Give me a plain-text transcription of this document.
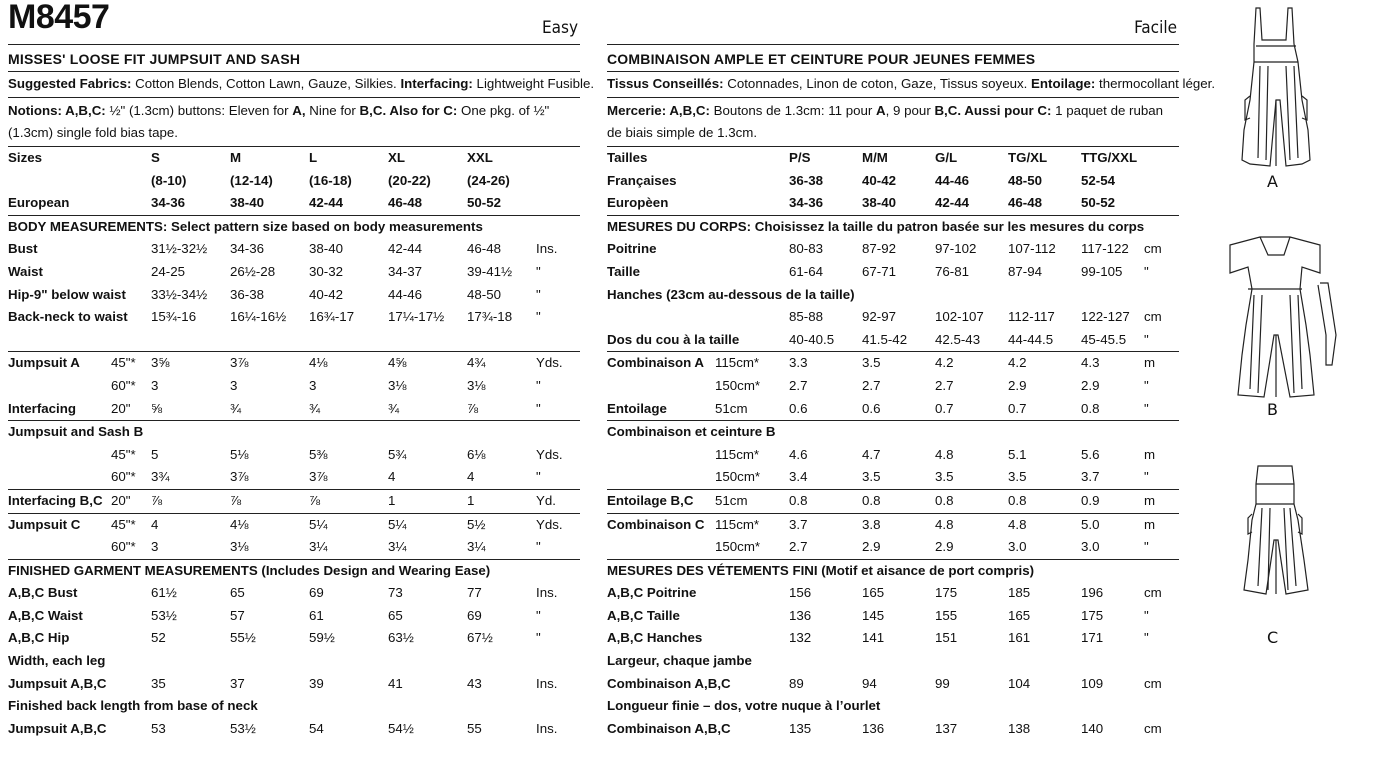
M8457	Easy
MISSES' LOOSE FIT JUMPSUIT AND SASH
Suggested Fabrics: Cotton Blends, Cotton Lawn, Gauze, Silkies. Interfacing: Lightweight Fusible.
Notions: A,B,C: ½" (1.3cm) buttons: Eleven for A, Nine for B,C. Also for C: One pkg. of ½" (1.3cm) single fold bias tape.
Sizes		S	M	L	XL	XXL	
		(8-10)	(12-14)	(16-18)	(20-22)	(24-26)	
European		34-36	38-40	42-44	46-48	50-52	
BODY MEASUREMENTS: Select pattern size based on body measurements							
Bust		31½-32½	34-36	38-40	42-44	46-48	Ins.
Waist		24-25	26½-28	30-32	34-37	39-41½	"
Hip-9" below waist		33½-34½	36-38	40-42	44-46	48-50	"
Back-neck to waist		15¾-16	16¼-16½	16¾-17	17¼-17½	17¾-18	"

Jumpsuit A	45"*	3⅝	3⅞	4⅛	4⅝	4¾	Yds.
	60"*	3	3	3	3⅛	3⅛	"
Interfacing	20"	⅝	¾	¾	¾	⅞	"
Jumpsuit and Sash B							
	45"*	5	5⅛	5⅜	5¾	6⅛	Yds.
	60"*	3¾	3⅞	3⅞	4	4	"
Interfacing B,C	20"	⅞	⅞	⅞	1	1	Yd.
Jumpsuit C	45"*	4	4⅛	5¼	5¼	5½	Yds.
	60"*	3	3⅛	3¼	3¼	3¼	"
FINISHED GARMENT MEASUREMENTS (Includes Design and Wearing Ease)							
A,B,C Bust		61½	65	69	73	77	Ins.
A,B,C Waist		53½	57	61	65	69	"
A,B,C Hip		52	55½	59½	63½	67½	"
Width, each leg							
Jumpsuit A,B,C		35	37	39	41	43	Ins.
Finished back length from base of neck							
Jumpsuit A,B,C		53	53½	54	54½	55	Ins.
Facile
COMBINAISON AMPLE ET CEINTURE POUR JEUNES FEMMES
Tissus Conseillés: Cotonnades, Linon de coton, Gaze, Tissus soyeux. Entoilage: thermocollant léger.
Mercerie: A,B,C: Boutons de 1.3cm: 11 pour A, 9 pour B,C. Aussi pour C: 1 paquet de ruban de biais simple de 1.3cm.
Tailles		P/S	M/M	G/L	TG/XL	TTG/XXL	
Françaises		36-38	40-42	44-46	48-50	52-54	
Europèen		34-36	38-40	42-44	46-48	50-52	
MESURES DU CORPS: Choisissez la taille du patron basée sur les mesures du corps							
Poitrine		80-83	87-92	97-102	107-112	117-122	cm
Taille		61-64	67-71	76-81	87-94	99-105	"
Hanches (23cm au-dessous de la taille)							
		85-88	92-97	102-107	112-117	122-127	cm
Dos du cou à la taille		40-40.5	41.5-42	42.5-43	44-44.5	45-45.5	"
Combinaison A	115cm*	3.3	3.5	4.2	4.2	4.3	m
	150cm*	2.7	2.7	2.7	2.9	2.9	"
Entoilage	51cm	0.6	0.6	0.7	0.7	0.8	"
Combinaison et ceinture B							
	115cm*	4.6	4.7	4.8	5.1	5.6	m
	150cm*	3.4	3.5	3.5	3.5	3.7	"
Entoilage B,C	51cm	0.8	0.8	0.8	0.8	0.9	m
Combinaison C	115cm*	3.7	3.8	4.8	4.8	5.0	m
	150cm*	2.7	2.9	2.9	3.0	3.0	"
MESURES DES VÉTEMENTS FINI (Motif et aisance de port compris)							
A,B,C Poitrine		156	165	175	185	196	cm
A,B,C Taille		136	145	155	165	175	"
A,B,C Hanches		132	141	151	161	171	"
Largeur, chaque jambe							
Combinaison A,B,C		89	94	99	104	109	cm
Longueur finie – dos, votre nuque à l’ourlet							
Combinaison A,B,C		135	136	137	138	140	cm
A
B
C
